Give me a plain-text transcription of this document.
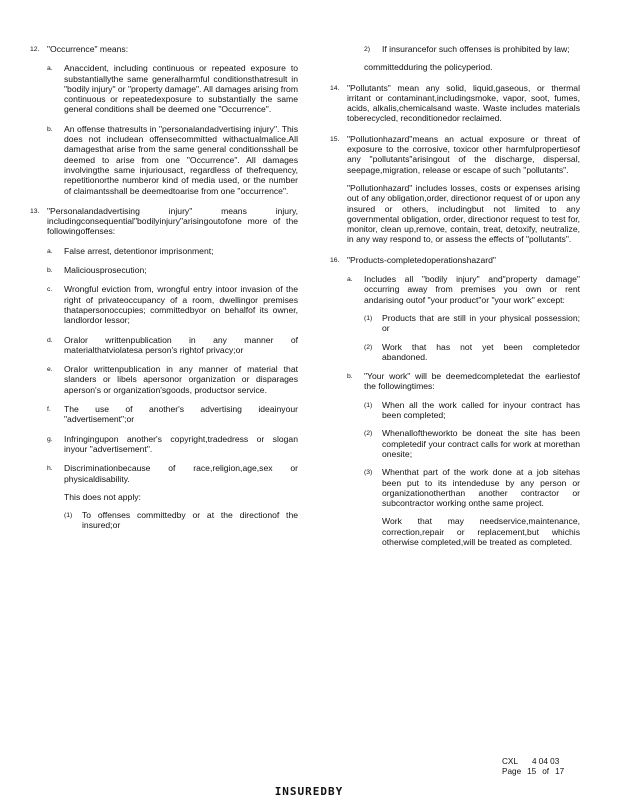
12. "Occurrence" means:
a. Anaccident, including continuous or repeated exposure to substantiallythe same generalharmful conditionsthatresult in "bodily injury" or "property damage". All damages arising from continuous or repeatedexposure to substantially the same general conditions shall be deemed one "Occurrence".
b. An offense thatresults in "personalandadvertising injury". This does not includean offensecommitted withactualmalice.All damagesthat arise from the same general conditionsshall be deemed to arise from one "Occurrence". All damages involvingthe same injuriousact, regardless of thefrequency, repetitionorthe numberor kind of media used, or the number of claimantsshall be deemedtoarise from one "occurrence".
13. "Personalandadvertising injury" means injury, includingconsequential"bodilyinjury"arisingoutofone more of the followingoffenses:
a. False arrest, detentionor imprisonment;
b. Maliciousprosecution;
c. Wrongful eviction from, wrongful entry intoor invasion of the right of privateoccupancy of a room, dwellingor premises thatapersonoccupies; committedbyor on behalfof its owner, landlordor lessor;
d. Oralor writtenpublication in any manner of materialthatviolatesa person's rightof privacy;or
e. Oralor writtenpublication in any manner of material that slanders or libels apersonor organization or disparages aperson's or organization'sgoods, productsor service.
f. The use of another's advertising ideainyour "advertisement";or
g. Infringingupon another's copyright,tradedress or slogan inyour "advertisement".
h. Discriminationbecause of race,religion,age,sex or physicaldisability.
This does not apply:
(1) To offenses committedby or at the directionof the insured;or
2) If insurancefor such offenses is prohibited by law;
committedduring the policyperiod.
14. "Pollutants" mean any solid, liquid,gaseous, or thermal irritant or contaminant,includingsmoke, vapor, soot, fumes, acids, alkalis,chemicalsand waste. Waste includes materials toberecycled, reconditionedor reclaimed.
15. "Pollutionhazard"means an actual exposure or threat of exposure to the corrosive, toxicor other harmfulpropertiesof any "pollutants"arisingout of the discharge, dispersal, seepage,migration, release or escape of such "pollutants".
"Pollutionhazard" includes losses, costs or expenses arising out of any obligation,order, directionor request of or upon any insured or others, includingbut not limited to any governmental obligation, order, directionor request to test for, monitor, clean up,remove, contain, treat, detoxify, neutralize, in any way respond to, or assess the effects of "pollutants".
16. "Products-completedoperationshazard"
a. Includes all "bodily injury" and"property damage" occurring away from premises you own or rent andarising outof "your product"or "your work" except:
(1) Products that are still in your physical possession; or
(2) Work that has not yet been completedor abandoned.
b. "Your work" will be deemedcompletedat the earliestof the followingtimes:
(1) When all the work called for inyour contract has been completed;
(2) Whenalloftheworkto be doneat the site has been completedif your contract calls for work at morethan onesite;
(3) Whenthat part of the work done at a job sitehas been put to its intendeduse by any person or organizationotherthan another contractor or subcontractor working onthe same project.
Work that may needservice,maintenance, correction,repair or replacement,but whichis otherwise completed,will be treated as completed.
CXL 4 04 03
Page 15 of 17
INSUREDBY
